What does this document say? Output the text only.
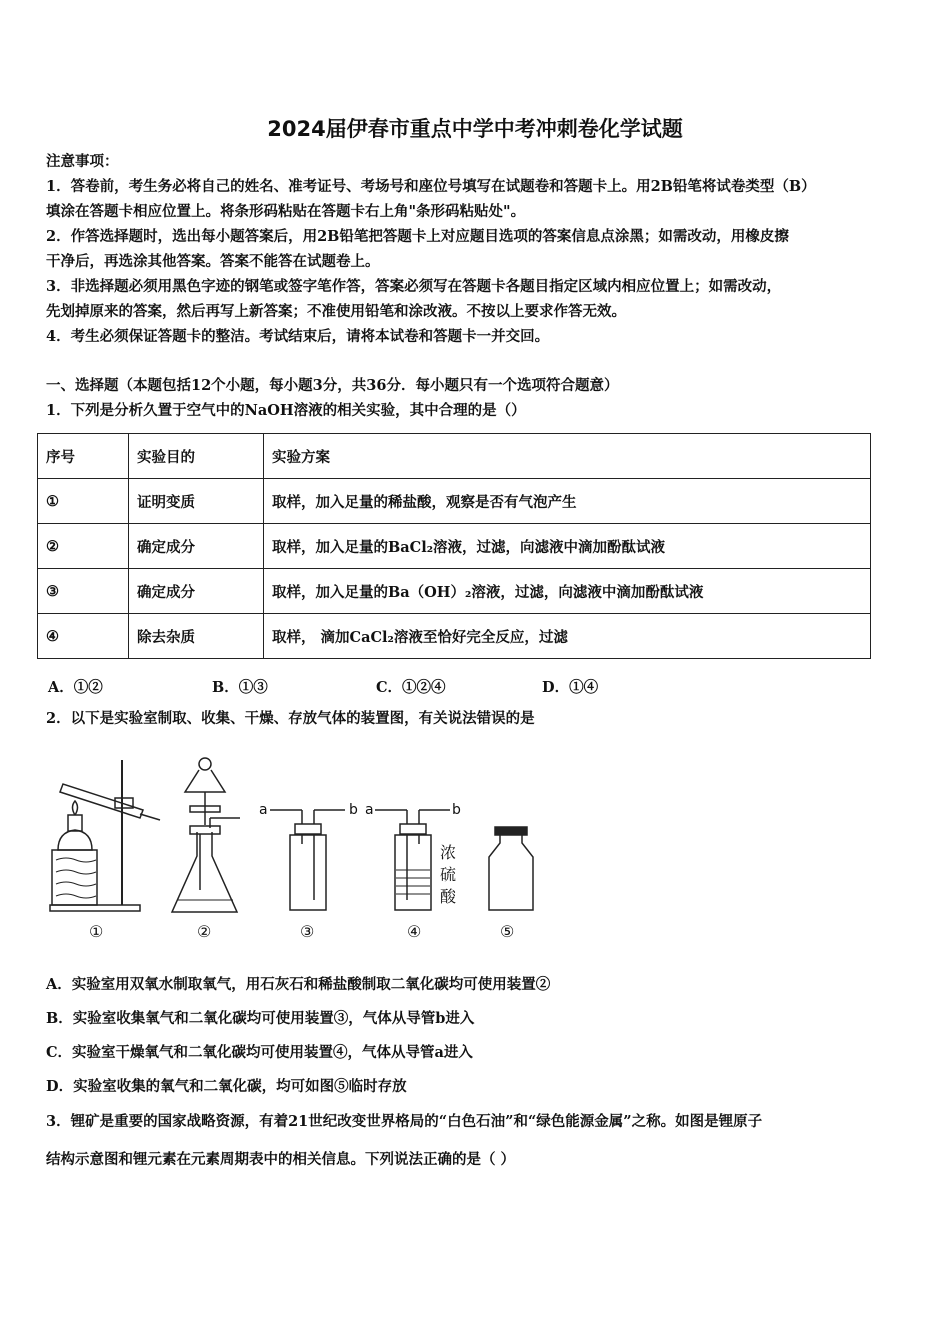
2024届伊春市重点中学中考冲刺卷化学试题
注意事项：
1．答卷前，考生务必将自己的姓名、准考证号、考场号和座位号填写在试题卷和答题卡上。用2B铅笔将试卷类型（B）
填涂在答题卡相应位置上。将条形码粘贴在答题卡右上角"条形码粘贴处"。
2．作答选择题时，选出每小题答案后，用2B铅笔把答题卡上对应题目选项的答案信息点涂黑；如需改动，用橡皮擦
干净后，再选涂其他答案。答案不能答在试题卷上。
3．非选择题必须用黑色字迹的钢笔或签字笔作答，答案必须写在答题卡各题目指定区域内相应位置上；如需改动，
先划掉原来的答案，然后再写上新答案；不准使用铅笔和涂改液。不按以上要求作答无效。
4．考生必须保证答题卡的整洁。考试结束后，请将本试卷和答题卡一并交回。
一、选择题（本题包括12个小题，每小题3分，共36分．每小题只有一个选项符合题意）
1．下列是分析久置于空气中的NaOH溶液的相关实验，其中合理的是（）
序号	实验目的	实验方案
①	证明变质	取样，加入足量的稀盐酸，观察是否有气泡产生
②	确定成分	取样，加入足量的BaCl₂溶液，过滤，向滤液中滴加酚酞试液
③	确定成分	取样，加入足量的Ba（OH）₂溶液，过滤，向滤液中滴加酚酞试液
④	除去杂质	取样， 滴加CaCl₂溶液至恰好完全反应，过滤
A．①②	B．①③	C．①②④	D．①④
2．以下是实验室制取、收集、干燥、存放气体的装置图，有关说法错误的是
a	b a	b
浓
硫
酸
①	②	③	④	⑤
A．实验室用双氧水制取氧气，用石灰石和稀盐酸制取二氧化碳均可使用装置②
B．实验室收集氧气和二氧化碳均可使用装置③，气体从导管b进入
C．实验室干燥氧气和二氧化碳均可使用装置④，气体从导管a进入
D．实验室收集的氧气和二氧化碳，均可如图⑤临时存放
3．锂矿是重要的国家战略资源，有着21世纪改变世界格局的“白色石油”和“绿色能源金属”之称。如图是锂原子
结构示意图和锂元素在元素周期表中的相关信息。下列说法正确的是（ ）
